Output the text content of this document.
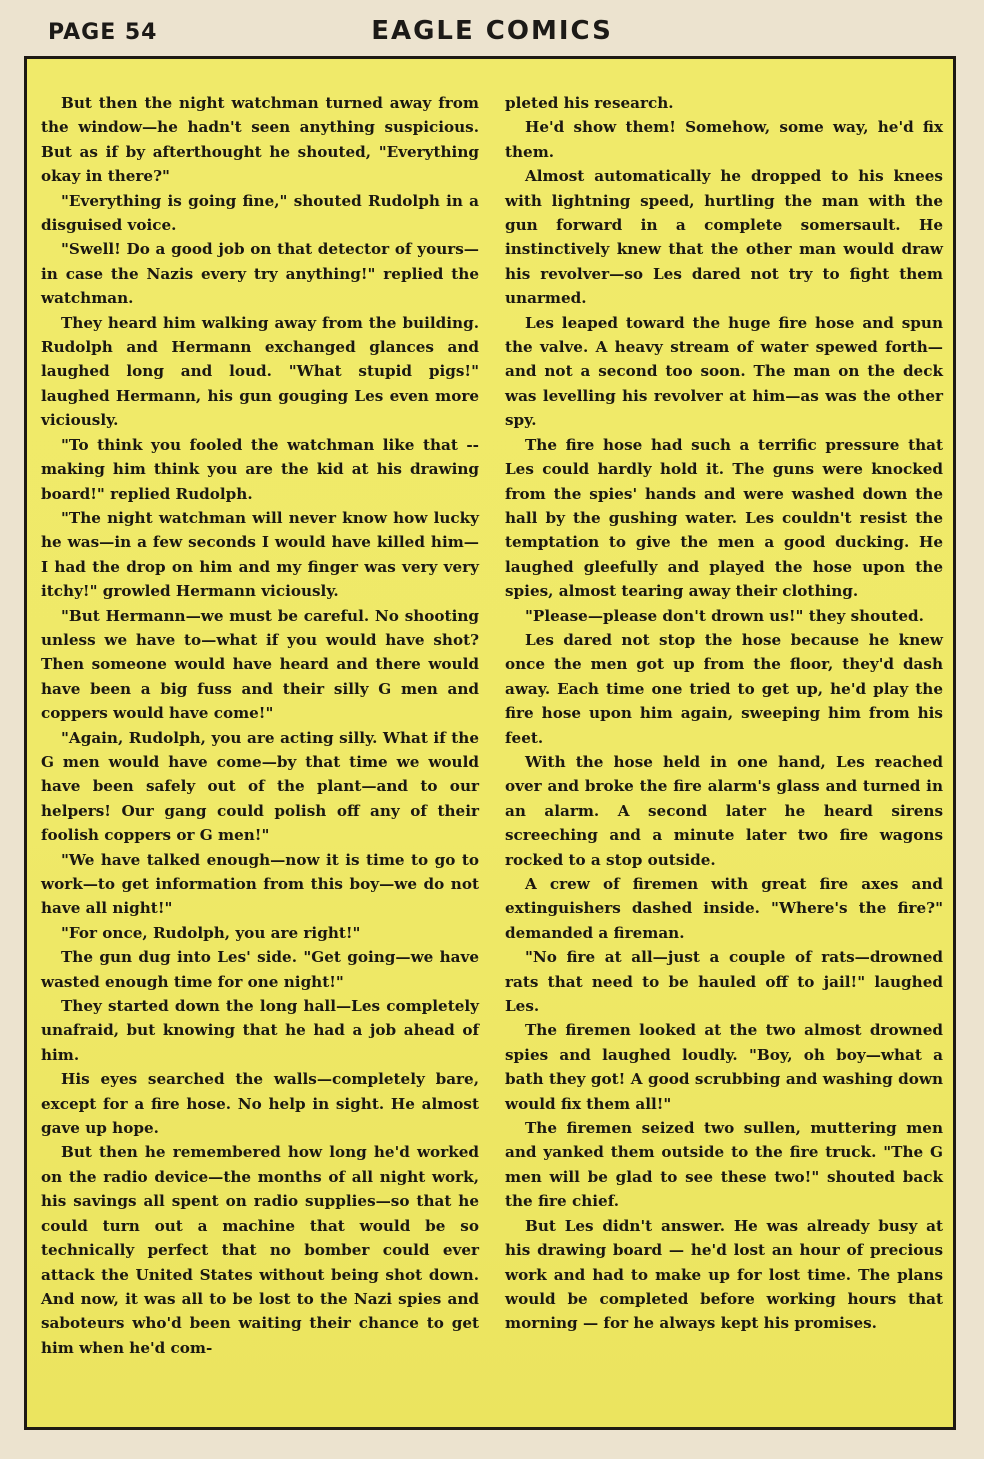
PAGE 54	EAGLE COMICS

But then the night watchman turned away from the window—he hadn't seen anything suspicious. But as if by afterthought he shouted, "Everything okay in there?"

"Everything is going fine," shouted Rudolph in a disguised voice.

"Swell! Do a good job on that detector of yours—in case the Nazis every try anything!" replied the watchman.

They heard him walking away from the building. Rudolph and Hermann exchanged glances and laughed long and loud. "What stupid pigs!" laughed Hermann, his gun gouging Les even more viciously.

"To think you fooled the watchman like that --making him think you are the kid at his drawing board!" replied Rudolph.

"The night watchman will never know how lucky he was—in a few seconds I would have killed him—I had the drop on him and my finger was very very itchy!" growled Hermann viciously.

"But Hermann—we must be careful. No shooting unless we have to—what if you would have shot? Then someone would have heard and there would have been a big fuss and their silly G men and coppers would have come!"

"Again, Rudolph, you are acting silly. What if the G men would have come—by that time we would have been safely out of the plant—and to our helpers! Our gang could polish off any of their foolish coppers or G men!"

"We have talked enough—now it is time to go to work—to get information from this boy—we do not have all night!"

"For once, Rudolph, you are right!"

The gun dug into Les' side. "Get going—we have wasted enough time for one night!"

They started down the long hall—Les completely unafraid, but knowing that he had a job ahead of him.

His eyes searched the walls—completely bare, except for a fire hose. No help in sight. He almost gave up hope.

But then he remembered how long he'd worked on the radio device—the months of all night work, his savings all spent on radio supplies—so that he could turn out a machine that would be so technically perfect that no bomber could ever attack the United States without being shot down. And now, it was all to be lost to the Nazi spies and saboteurs who'd been waiting their chance to get him when he'd com-

pleted his research.

He'd show them! Somehow, some way, he'd fix them.

Almost automatically he dropped to his knees with lightning speed, hurtling the man with the gun forward in a complete somersault. He instinctively knew that the other man would draw his revolver—so Les dared not try to fight them unarmed.

Les leaped toward the huge fire hose and spun the valve. A heavy stream of water spewed forth—and not a second too soon. The man on the deck was levelling his revolver at him—as was the other spy.

The fire hose had such a terrific pressure that Les could hardly hold it. The guns were knocked from the spies' hands and were washed down the hall by the gushing water. Les couldn't resist the temptation to give the men a good ducking. He laughed gleefully and played the hose upon the spies, almost tearing away their clothing.

"Please—please don't drown us!" they shouted.

Les dared not stop the hose because he knew once the men got up from the floor, they'd dash away. Each time one tried to get up, he'd play the fire hose upon him again, sweeping him from his feet.

With the hose held in one hand, Les reached over and broke the fire alarm's glass and turned in an alarm. A second later he heard sirens screeching and a minute later two fire wagons rocked to a stop outside.

A crew of firemen with great fire axes and extinguishers dashed inside. "Where's the fire?" demanded a fireman.

"No fire at all—just a couple of rats—drowned rats that need to be hauled off to jail!" laughed Les.

The firemen looked at the two almost drowned spies and laughed loudly. "Boy, oh boy—what a bath they got! A good scrubbing and washing down would fix them all!"

The firemen seized two sullen, muttering men and yanked them outside to the fire truck. "The G men will be glad to see these two!" shouted back the fire chief.

But Les didn't answer. He was already busy at his drawing board — he'd lost an hour of precious work and had to make up for lost time. The plans would be completed before working hours that morning — for he always kept his promises.
